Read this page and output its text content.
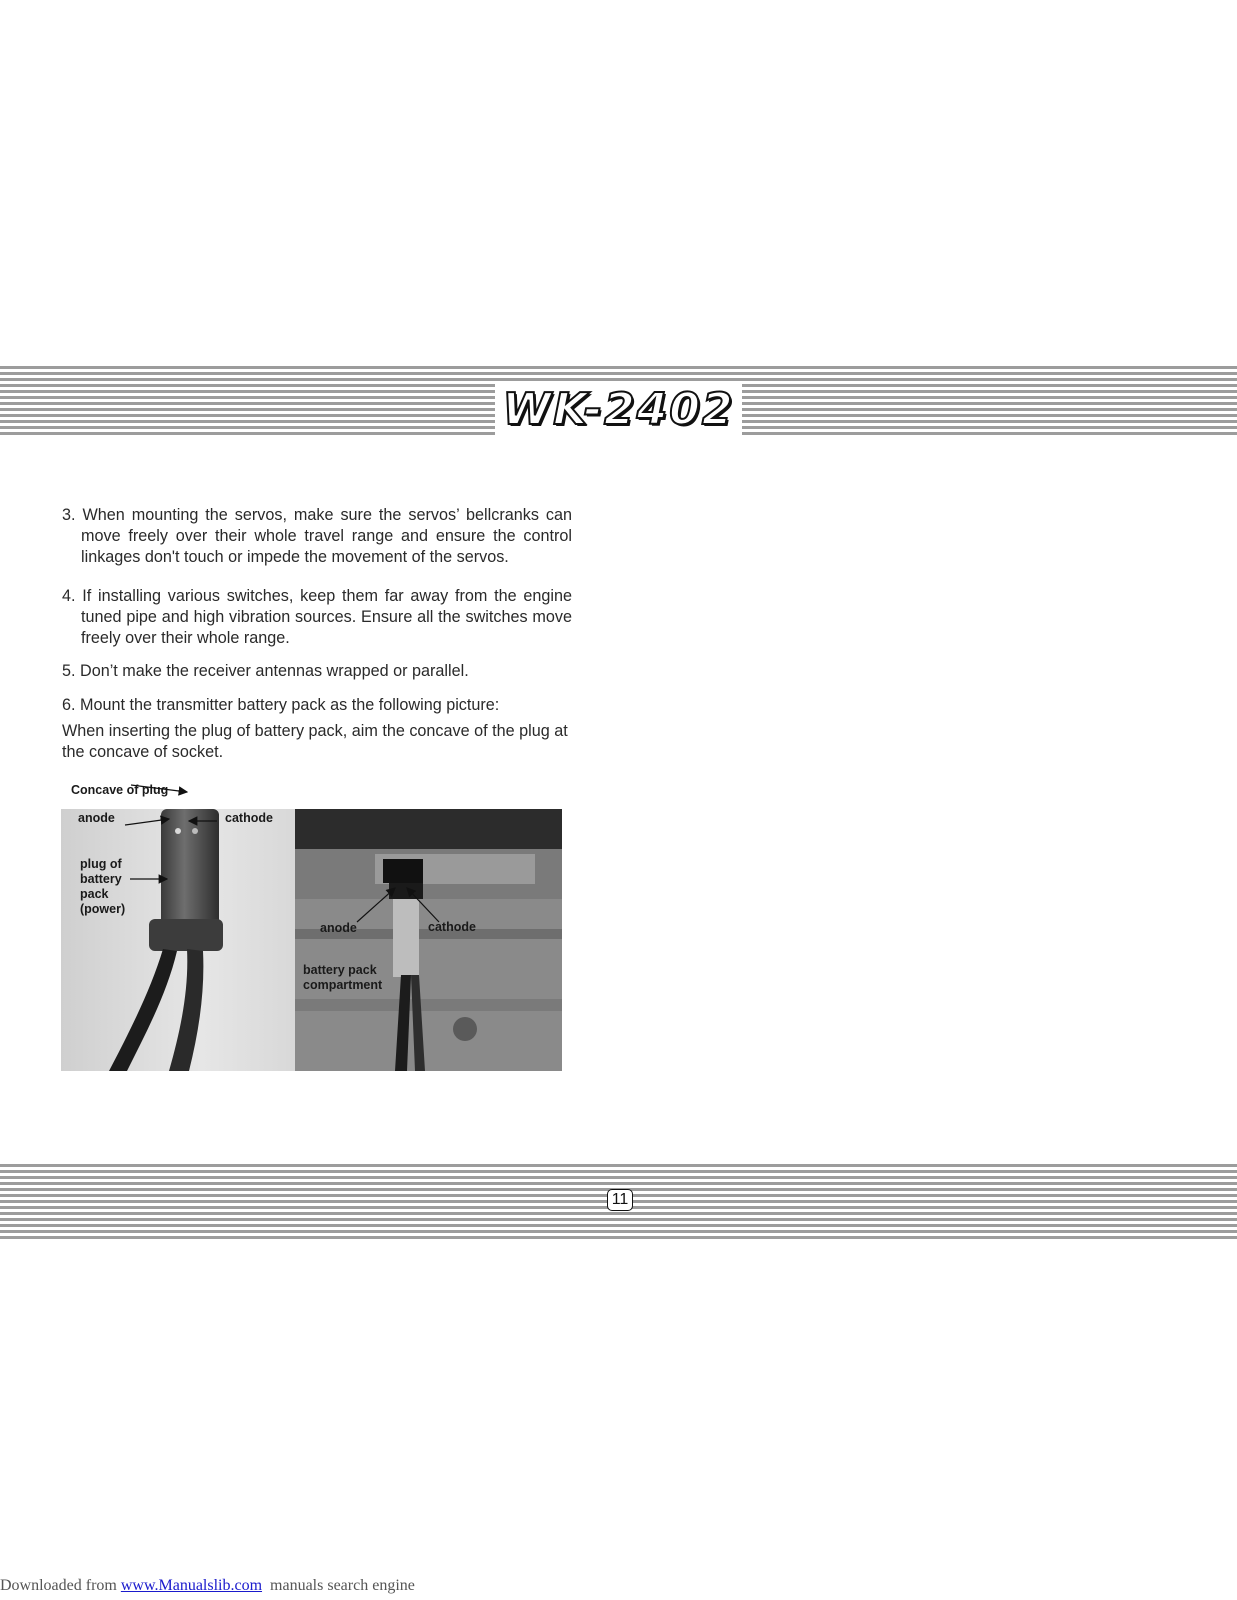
WK-2402

3. When mounting the servos, make sure the servos’ bellcranks can move freely over their whole travel range and ensure the control linkages don't touch or impede the movement of the servos.

4. If installing various switches, keep them far away from the engine tuned pipe and high vibration sources. Ensure all the switches move freely over their whole range.

5. Don’t make the receiver antennas wrapped or parallel.

6. Mount the transmitter battery pack as the following picture:

When inserting the plug of battery pack, aim the concave of the plug at the concave of socket.

Concave of plug
anode	cathode
plug of
battery
pack
(power)
anode	cathode
battery pack
compartment
11
Downloaded from www.Manualslib.com  manuals search engine
